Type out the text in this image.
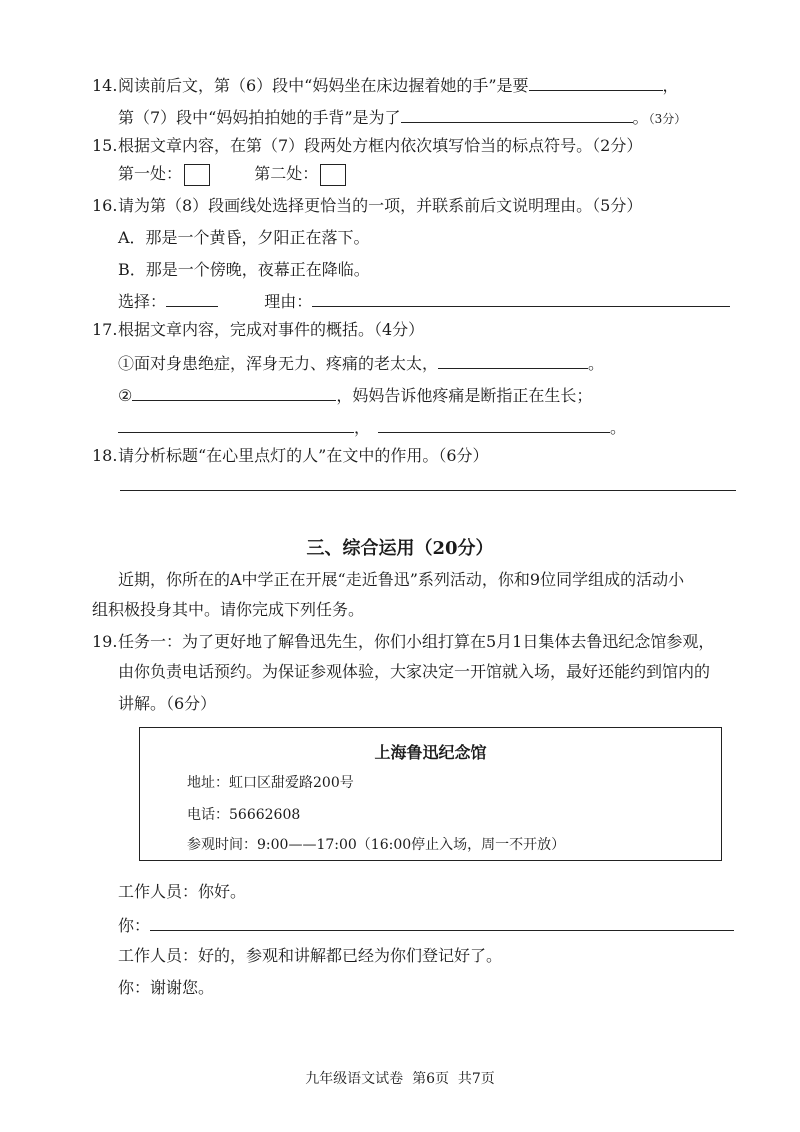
14.阅读前后文，第（6）段中“妈妈坐在床边握着她的手”是要	，
第（7）段中“妈妈拍拍她的手背”是为了	。（3分）
15.根据文章内容，在第（7）段两处方框内依次填写恰当的标点符号。（2分）
第一处：	第二处：
16.请为第（8）段画线处选择更恰当的一项，并联系前后文说明理由。（5分）
A．那是一个黄昏，夕阳正在落下。
B．那是一个傍晚，夜幕正在降临。
选择：	理由：
17.根据文章内容，完成对事件的概括。（4分）
①面对身患绝症，浑身无力、疼痛的老太太，	。
②	，妈妈告诉他疼痛是断指正在生长；
，	。
18.请分析标题“在心里点灯的人”在文中的作用。（6分）
三、综合运用（20分）
近期，你所在的A中学正在开展“走近鲁迅”系列活动，你和9位同学组成的活动小
组积极投身其中。请你完成下列任务。
19.任务一：为了更好地了解鲁迅先生，你们小组打算在5月1日集体去鲁迅纪念馆参观，
由你负责电话预约。为保证参观体验，大家决定一开馆就入场，最好还能约到馆内的
讲解。（6分）
上海鲁迅纪念馆
地址：虹口区甜爱路200号
电话：56662608
参观时间：9:00——17:00（16:00停止入场，周一不开放）
工作人员：你好。
你：
工作人员：好的，参观和讲解都已经为你们登记好了。
你：谢谢您。
九年级语文试卷  第6页  共7页
